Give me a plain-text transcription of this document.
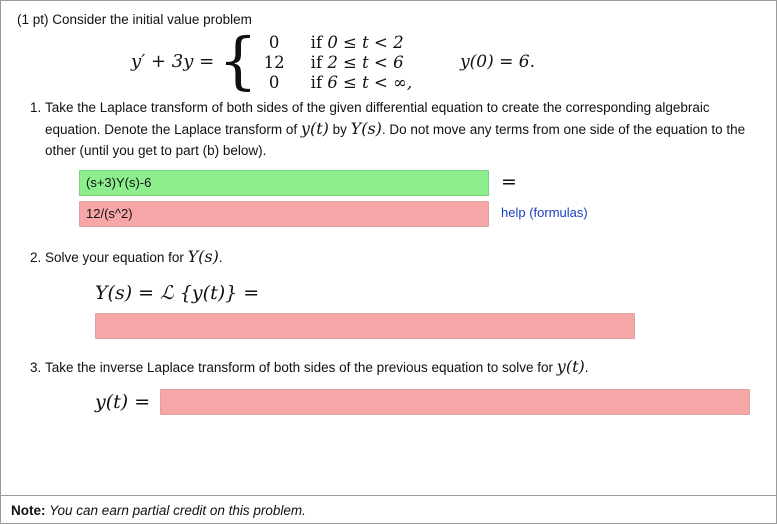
(1 pt) Consider the initial value problem
y′ + 3y = { 0	if 0 ≤ t < 2
12 if 2 ≤ t < 6
0	if 6 ≤ t < ∞,
y(0) = 6.
1. Take the Laplace transform of both sides of the given differential equation to create the corresponding algebraic equation. Denote the Laplace transform of y(t) by Y(s). Do not move any terms from one side of the equation to the other (until you get to part (b) below).
(s+3)Y(s)-6
=
12/(s^2)
help (formulas)
2. Solve your equation for Y(s).
Y(s) = ℒ {y(t)} =
3. Take the inverse Laplace transform of both sides of the previous equation to solve for y(t).
y(t) =
Note: You can earn partial credit on this problem.
